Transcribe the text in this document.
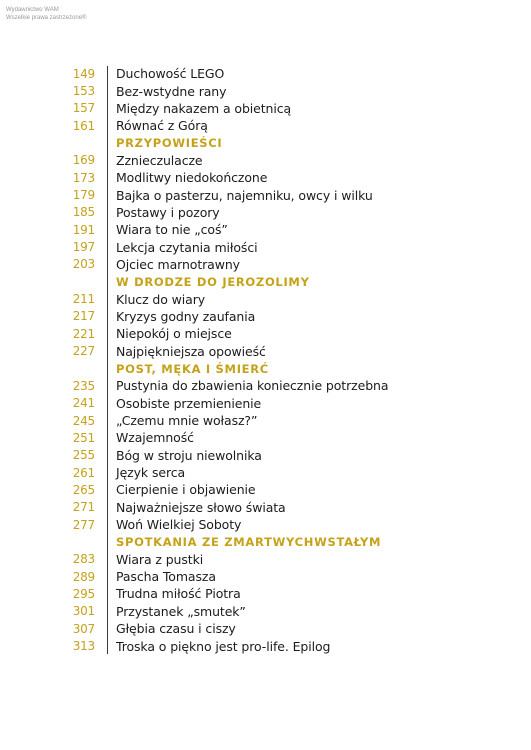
Wydawnictwo WAM
Wszelkie prawa zastrzeżone®
149	Duchowość LEGO
153	Bez-wstydne rany
157	Między nakazem a obietnicą
161	Równać z Górą
PRZYPOWIEŚCI
169	Zznieczulacze
173	Modlitwy niedokończone
179	Bajka o pasterzu, najemniku, owcy i wilku
185	Postawy i pozory
191	Wiara to nie „coś”
197	Lekcja czytania miłości
203	Ojciec marnotrawny
W DRODZE DO JEROZOLIMY
211	Klucz do wiary
217	Kryzys godny zaufania
221	Niepokój o miejsce
227	Najpiękniejsza opowieść
POST, MĘKA I ŚMIERĆ
235	Pustynia do zbawienia koniecznie potrzebna
241	Osobiste przemienienie
245	„Czemu mnie wołasz?”
251	Wzajemność
255	Bóg w stroju niewolnika
261	Język serca
265	Cierpienie i objawienie
271	Najważniejsze słowo świata
277	Woń Wielkiej Soboty
SPOTKANIA ZE ZMARTWYCHWSTAŁYM
283	Wiara z pustki
289	Pascha Tomasza
295	Trudna miłość Piotra
301	Przystanek „smutek”
307	Głębia czasu i ciszy
313	Troska o piękno jest pro-life. Epilog
